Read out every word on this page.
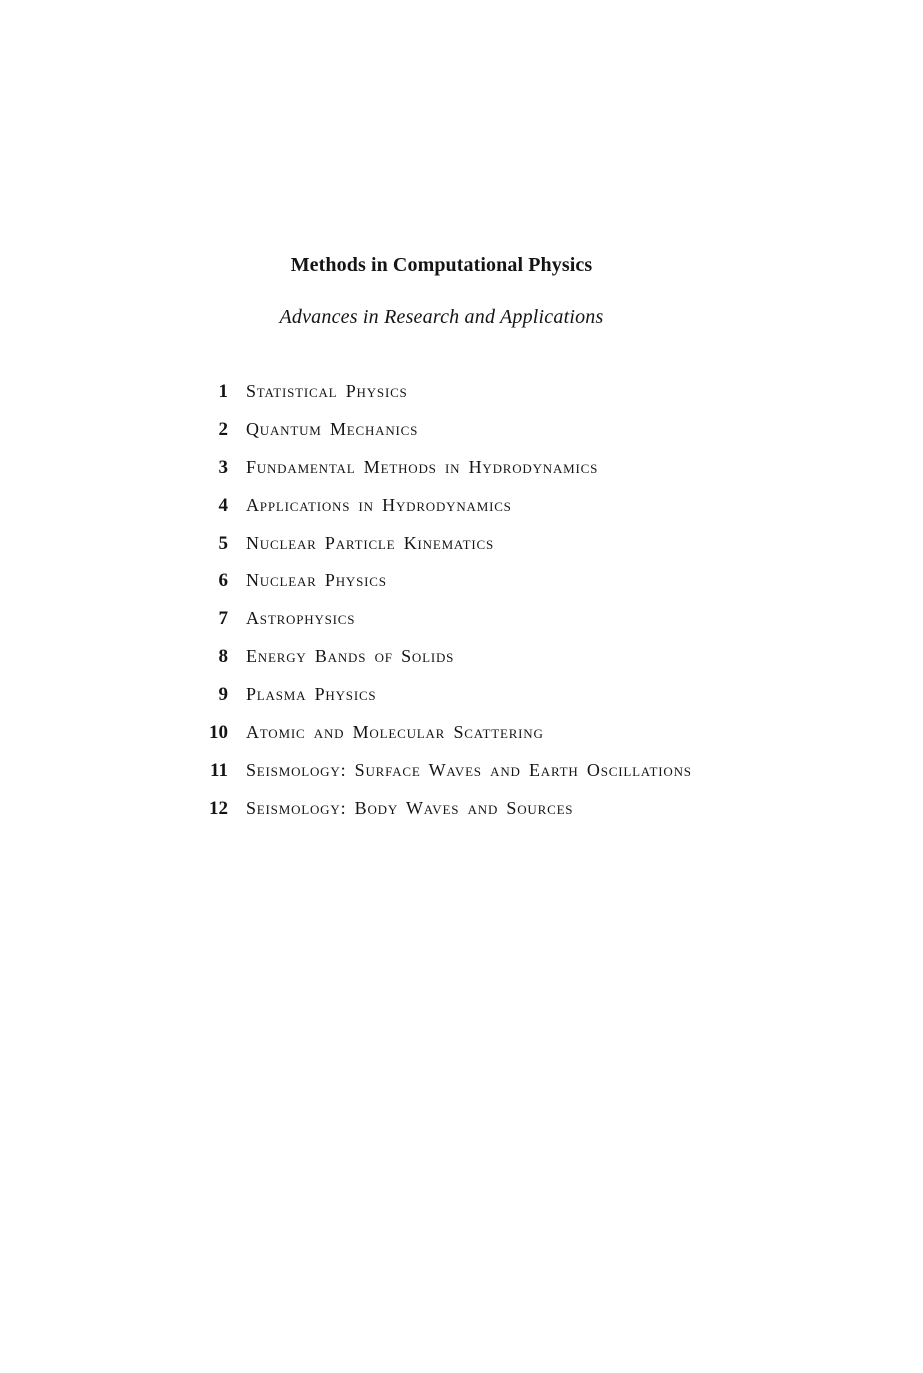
Methods in Computational Physics
Advances in Research and Applications
1 Statistical Physics
2 Quantum Mechanics
3 Fundamental Methods in Hydrodynamics
4 Applications in Hydrodynamics
5 Nuclear Particle Kinematics
6 Nuclear Physics
7 Astrophysics
8 Energy Bands of Solids
9 Plasma Physics
10 Atomic and Molecular Scattering
11 Seismology: Surface Waves and Earth Oscillations
12 Seismology: Body Waves and Sources
